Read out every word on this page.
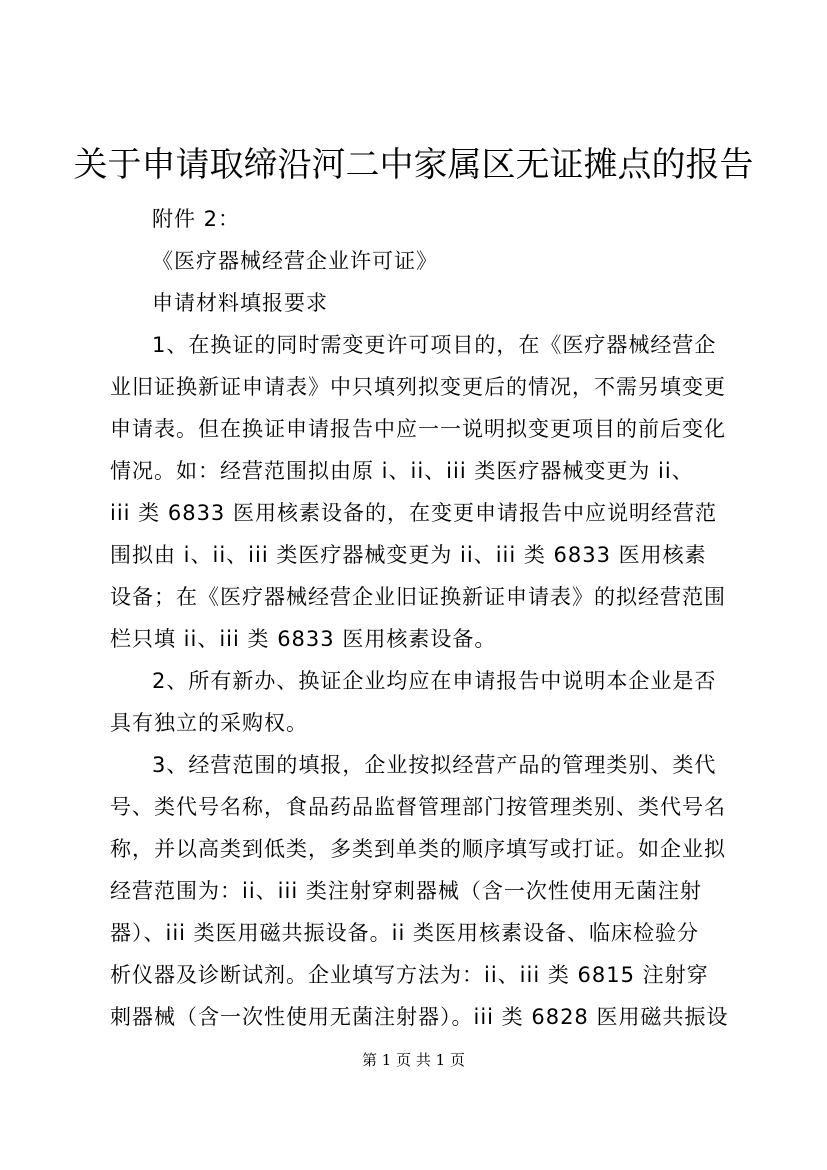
关于申请取缔沿河二中家属区无证摊点的报告
附件 2：
《医疗器械经营企业许可证》
申请材料填报要求
1、在换证的同时需变更许可项目的，在《医疗器械经营企
业旧证换新证申请表》中只填列拟变更后的情况，不需另填变更
申请表。但在换证申请报告中应一一说明拟变更项目的前后变化
情况。如：经营范围拟由原 i、ii、iii 类医疗器械变更为 ii、
iii 类 6833 医用核素设备的，在变更申请报告中应说明经营范
围拟由 i、ii、iii 类医疗器械变更为 ii、iii 类 6833 医用核素
设备；在《医疗器械经营企业旧证换新证申请表》的拟经营范围
栏只填 ii、iii 类 6833 医用核素设备。
2、所有新办、换证企业均应在申请报告中说明本企业是否
具有独立的采购权。
3、经营范围的填报，企业按拟经营产品的管理类别、类代
号、类代号名称，食品药品监督管理部门按管理类别、类代号名
称，并以高类到低类，多类到单类的顺序填写或打证。如企业拟
经营范围为：ii、iii 类注射穿刺器械（含一次性使用无菌注射
器）、iii 类医用磁共振设备。ii 类医用核素设备、临床检验分
析仪器及诊断试剂。企业填写方法为：ii、iii 类 6815 注射穿
刺器械（含一次性使用无菌注射器）。iii 类 6828 医用磁共振设
第 1 页 共 1 页
